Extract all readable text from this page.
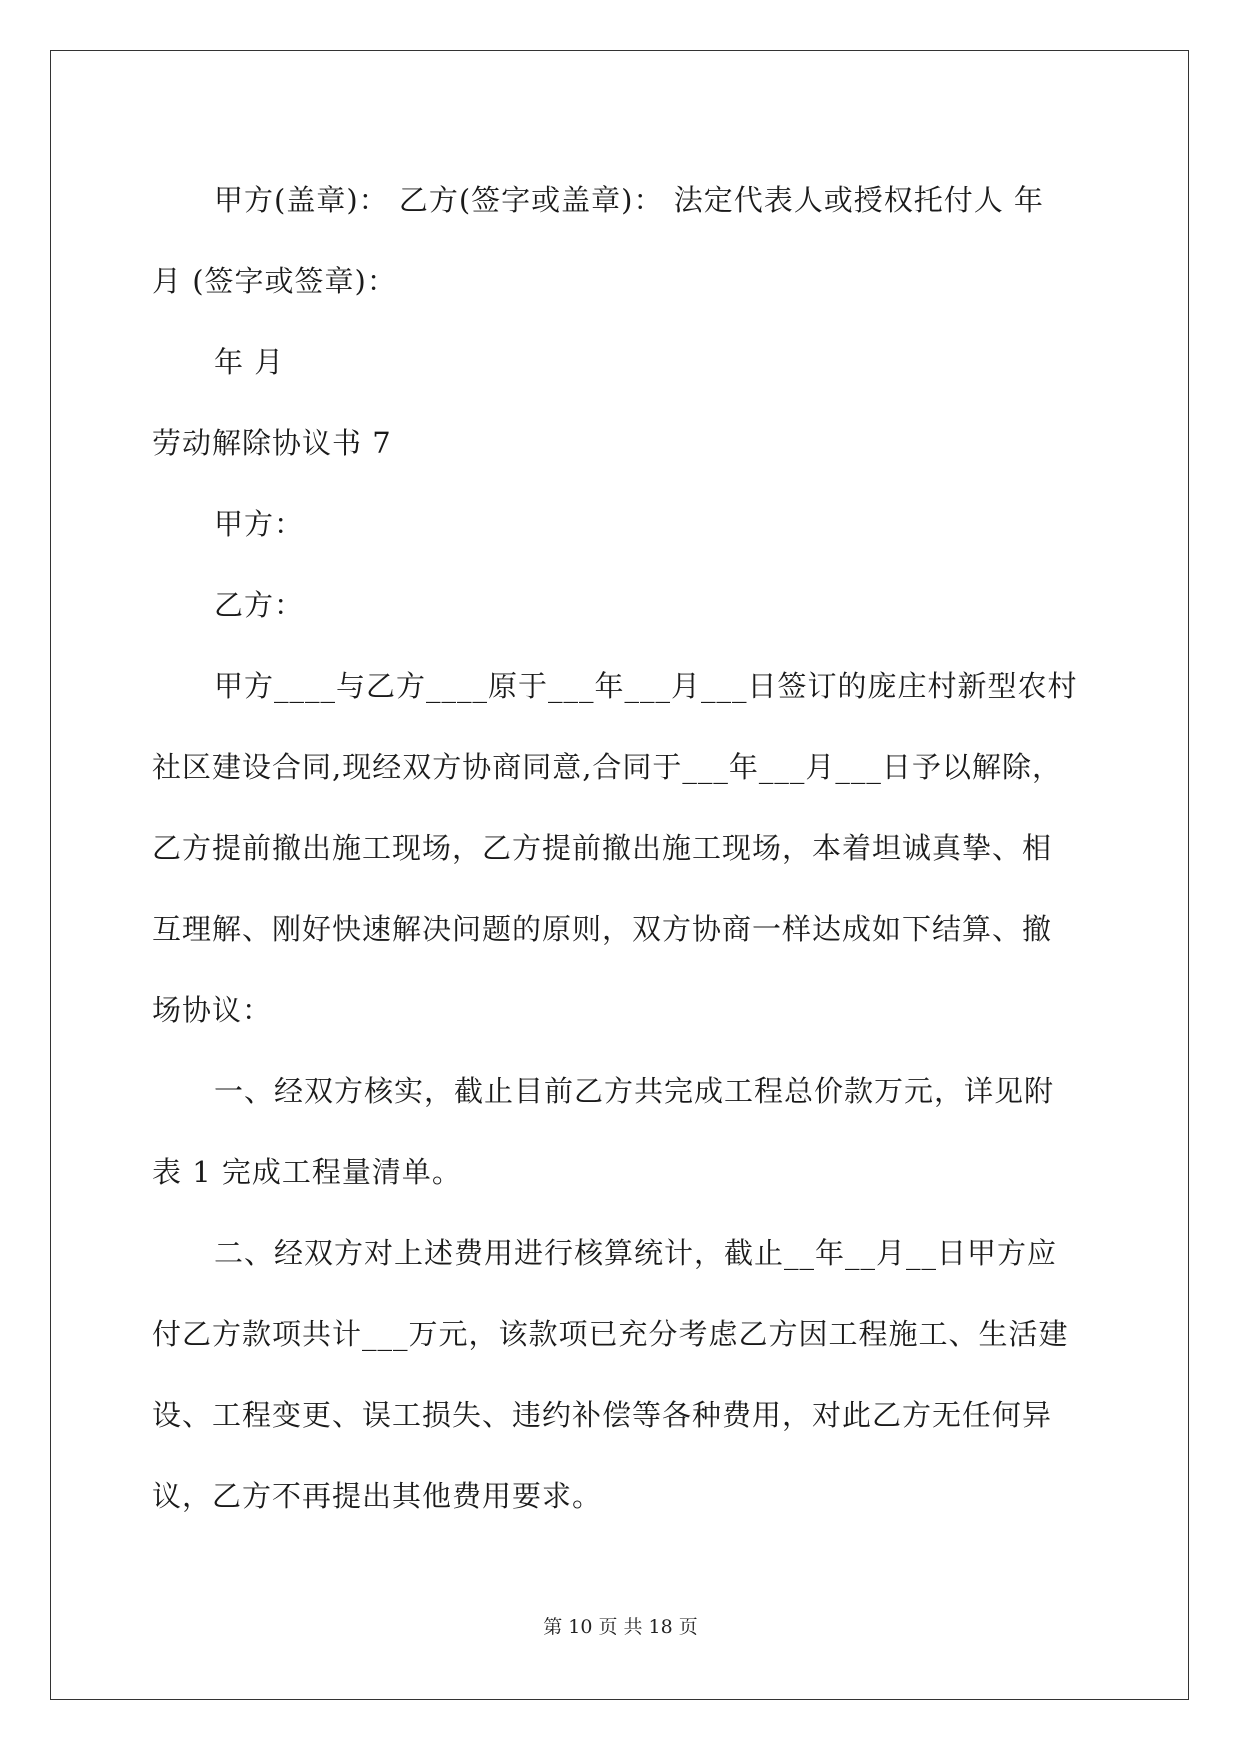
甲方(盖章)： 乙方(签字或盖章)： 法定代表人或授权托付人 年
月 (签字或签章)：
年 月
劳动解除协议书 7
甲方：
乙方：
甲方____与乙方____原于___年___月___日签订的庞庄村新型农村
社区建设合同,现经双方协商同意,合同于___年___月___日予以解除，
乙方提前撤出施工现场，乙方提前撤出施工现场，本着坦诚真挚、相
互理解、刚好快速解决问题的原则，双方协商一样达成如下结算、撤
场协议：
一、经双方核实，截止目前乙方共完成工程总价款万元，详见附
表 1 完成工程量清单。
二、经双方对上述费用进行核算统计，截止__年__月__日甲方应
付乙方款项共计___万元，该款项已充分考虑乙方因工程施工、生活建
设、工程变更、误工损失、违约补偿等各种费用，对此乙方无任何异
议，乙方不再提出其他费用要求。
第 10 页 共 18 页
